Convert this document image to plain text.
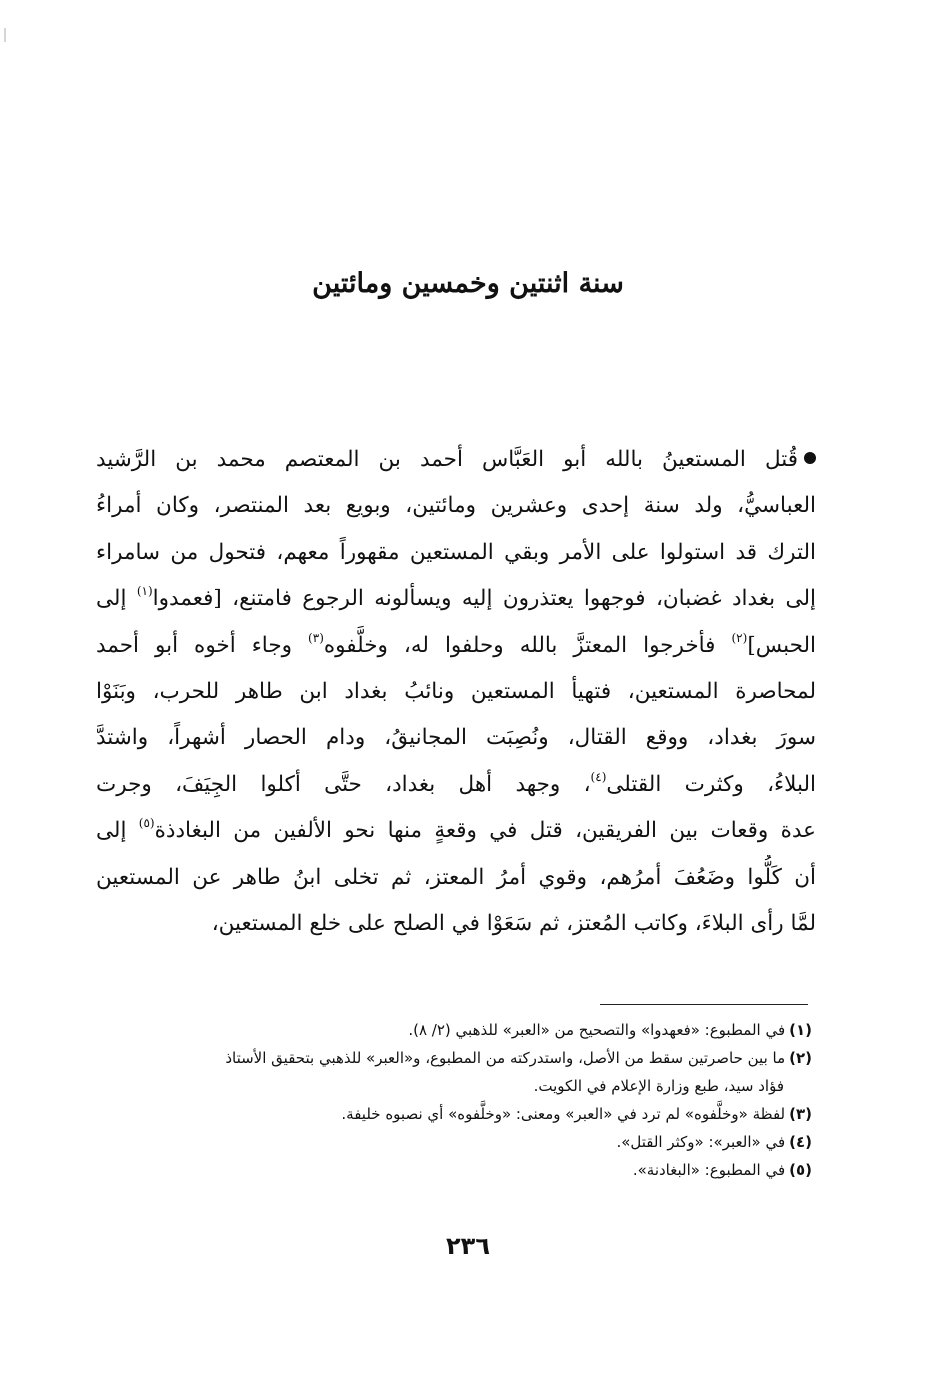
سنة اثنتين وخمسين ومائتين
قُتل المستعينُ بالله أبو العَبَّاس أحمد بن المعتصم محمد بن الرَّشيد
العباسيُّ، ولد سنة إحدى وعشرين ومائتين، وبويع بعد المنتصر، وكان أمراءُ
الترك قد استولوا على الأمر وبقي المستعين مقهوراً معهم، فتحول من سامراء
إلى بغداد غضبان، فوجهوا يعتذرون إليه ويسألونه الرجوع فامتنع، [فعمدوا$^{(١)}$ إلى
الحبس]$^{(٢)}$ فأخرجوا المعتزَّ بالله وحلفوا له، وخلَّفوه$^{(٣)}$ وجاء أخوه أبو أحمد
لمحاصرة المستعين، فتهيأ المستعين ونائبُ بغداد ابن طاهر للحرب، وبَنَوْا
سورَ بغداد، ووقع القتال، ونُصِبَت المجانيقُ، ودام الحصار أشهراً، واشتدَّ
البلاءُ، وكثرت القتلى$^{(٤)}$، وجهد أهل بغداد، حتَّى أكلوا الجِيَفَ، وجرت
عدة وقعات بين الفريقين، قتل في وقعةٍ منها نحو الألفين من البغادذة$^{(٥)}$ إلى
أن كَلُّوا وضَعُفَ أمرُهم، وقوي أمرُ المعتز، ثم تخلى ابنُ طاهر عن المستعين
لمَّا رأى البلاءَ، وكاتب المُعتز، ثم سَعَوْا في الصلح على خلع المستعين،
(١)في المطبوع: «فعهدوا» والتصحيح من «العبر» للذهبي (٢/ ٨).
(٢)ما بين حاصرتين سقط من الأصل، واستدركته من المطبوع، و«العبر» للذهبي بتحقيق الأستاذ
فؤاد سيد، طبع وزارة الإعلام في الكويت.
(٣)لفظة «وخلَّفوه» لم ترد في «العبر» ومعنى: «وخلَّفوه» أي نصبوه خليفة.
(٤)في «العبر»: «وكثر القتل».
(٥)في المطبوع: «البغادنة».
٢٣٦
